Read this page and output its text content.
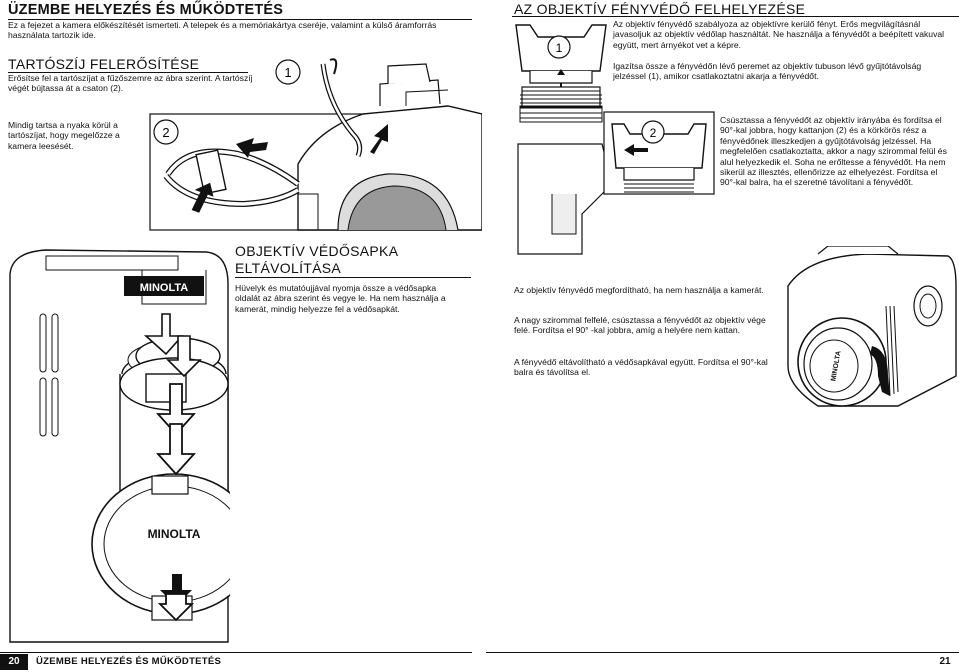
ÜZEMBE HELYEZÉS ÉS MŰKÖDTETÉS
Ez a fejezet a kamera előkészítését ismerteti. A telepek és a memóriakártya cseréje, valamint a külső áramforrás használata tartozik ide.
TARTÓSZÍJ FELERŐSÍTÉSE
Erősítse fel a tartószíjat a fűzőszemre az ábra szerint. A tartószíj végét bújtassa át a csaton (2).
Mindig tartsa a nyaka körül a tartószíjat, hogy megelőzze a kamera leesését.
1
2
MINOLTA
MINOLTA
OBJEKTÍV VÉDŐSAPKA
ELTÁVOLÍTÁSA
Hüvelyk és mutatóujjával nyomja össze a védősapka oldalát az ábra szerint és vegye le. Ha nem használja a kamerát, mindig helyezze fel a védősapkát.
AZ OBJEKTÍV FÉNYVÉDŐ FELHELYEZÉSE
Az objektív fényvédő szabályoza az objektívre kerülő fényt. Erős megvilágításnál javasoljuk az objektív védőlap használtát. Ne használja a fényvédőt a beépített vakuval együtt, mert árnyékot vet a képre.
Igazítsa össze a fényvédőn lévő peremet az objektív tubuson lévő gyűjtótávolság jelzéssel (1), amikor csatlakoztatni akarja a fényvédőt.
1
2
Csúsztassa a fényvédőt az objektív irányába és fordítsa el 90°-kal jobbra, hogy kattanjon (2) és a körkörös rész a fényvédőnek illeszkedjen a gyűjtótávolság jelzéssel. Ha megfelelően csatlakoztatta, akkor a nagy szirommal felül és alul helyezkedik el. Soha ne erőltesse a fényvédőt. Ha nem sikerül az illesztés, ellenőrizze az elhelyezést. Fordítsa el 90°-kal balra, ha el szeretné távolítani a fényvédőt.
Az objektív fényvédő megfordítható, ha nem használja a kamerát.
A nagy szirommal felfelé, csúsztassa a fényvédőt az objektív vége felé. Fordítsa el 90° -kal jobbra, amíg a helyére nem kattan.
A fényvédő eltávolítható a védősapkával együtt. Fordítsa el 90°-kal balra és távolítsa el.	MINOLTA
20	ÜZEMBE HELYEZÉS ÉS MŰKÖDTETÉS	21
